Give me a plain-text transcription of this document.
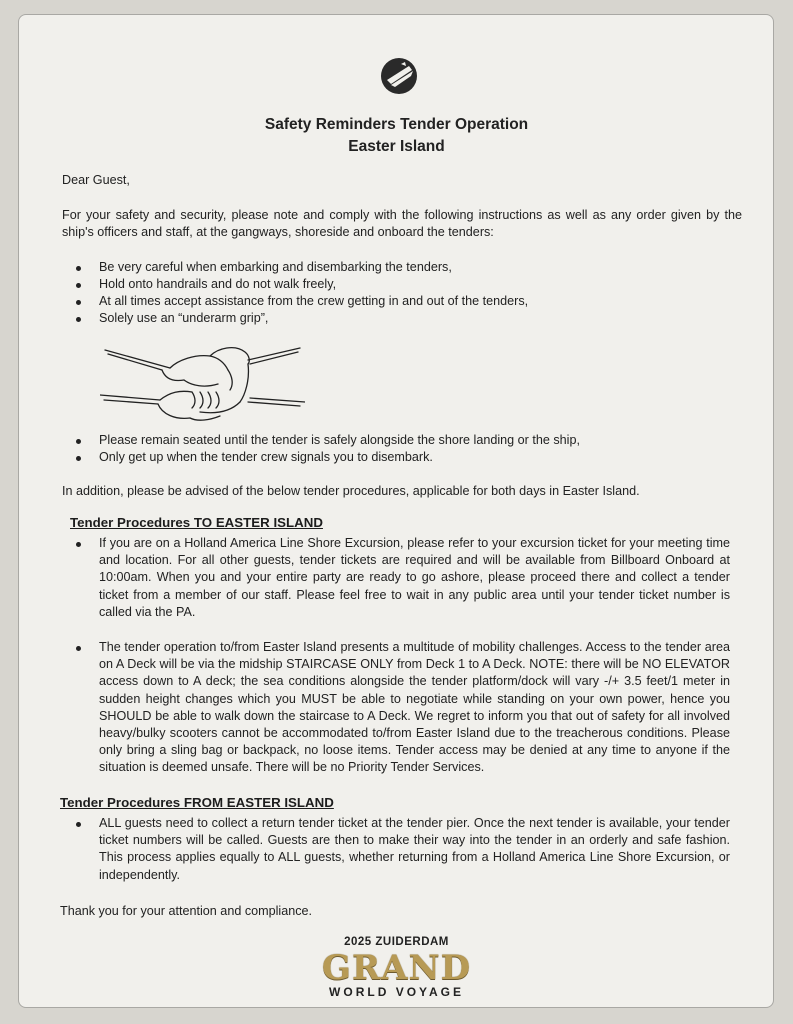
Safety Reminders Tender Operation
Easter Island
Dear Guest,
For your safety and security, please note and comply with the following instructions as well as any order given by the ship's officers and staff, at the gangways, shoreside and onboard the tenders:
Be very careful when embarking and disembarking the tenders,
Hold onto handrails and do not walk freely,
At all times accept assistance from the crew getting in and out of the tenders,
Solely use an “underarm grip”,
Please remain seated until the tender is safely alongside the shore landing or the ship,
Only get up when the tender crew signals you to disembark.
In addition, please be advised of the below tender procedures, applicable for both days in Easter Island.
Tender Procedures TO EASTER ISLAND
If you are on a Holland America Line Shore Excursion, please refer to your excursion ticket for your meeting time and location. For all other guests, tender tickets are required and will be available from Billboard Onboard at 10:00am. When you and your entire party are ready to go ashore, please proceed there and collect a tender ticket from a member of our staff. Please feel free to wait in any public area until your tender ticket number is called via the PA.
The tender operation to/from Easter Island presents a multitude of mobility challenges. Access to the tender area on A Deck will be via the midship STAIRCASE ONLY from Deck 1 to A Deck. NOTE: there will be NO ELEVATOR access down to A deck; the sea conditions alongside the tender platform/dock will vary -/+ 3.5 feet/1 meter in sudden height changes which you MUST be able to negotiate while standing on your own power, hence you SHOULD be able to walk down the staircase to A Deck. We regret to inform you that out of safety for all involved heavy/bulky scooters cannot be accommodated to/from Easter Island due to the treacherous conditions. Please only bring a sling bag or backpack, no loose items. Tender access may be denied at any time to anyone if the situation is deemed unsafe. There will be no Priority Tender Services.
Tender Procedures FROM EASTER ISLAND
ALL guests need to collect a return tender ticket at the tender pier. Once the next tender is available, your tender ticket numbers will be called. Guests are then to make their way into the tender in an orderly and safe fashion. This process applies equally to ALL guests, whether returning from a Holland America Line Shore Excursion, or independently.
Thank you for your attention and compliance.
2025 ZUIDERDAM
GRAND
WORLD VOYAGE
